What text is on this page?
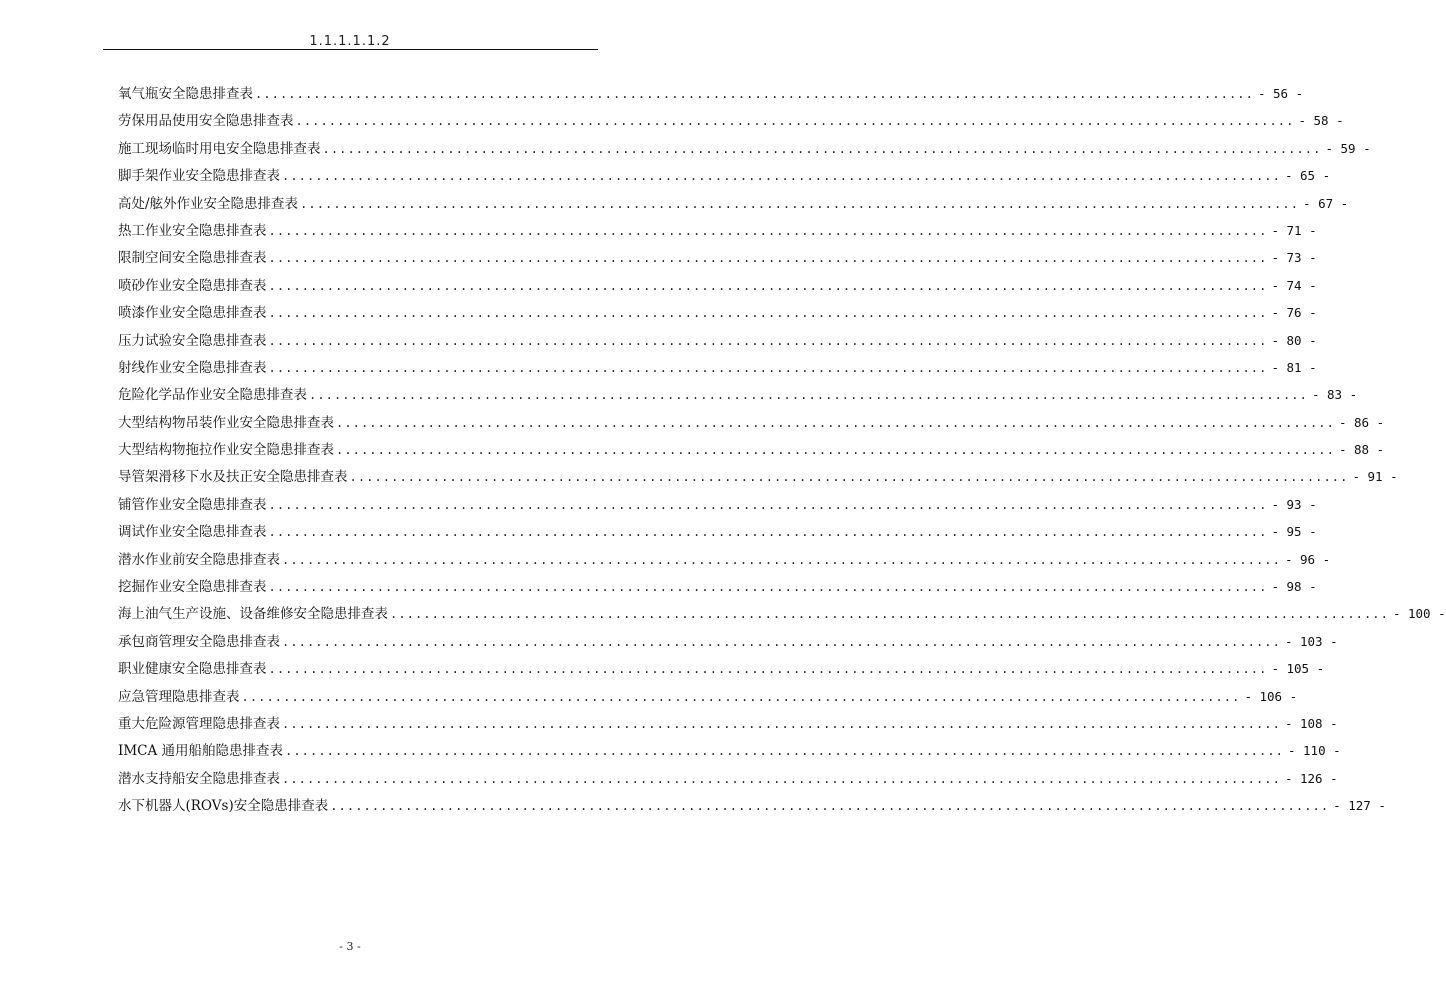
1.1.1.1.1.2
氧气瓶安全隐患排查表 ........................................................................................................................ - 56 -
劳保用品使用安全隐患排查表 ........................................................................................................................ - 58 -
施工现场临时用电安全隐患排查表 ........................................................................................................................ - 59 -
脚手架作业安全隐患排查表 ........................................................................................................................ - 65 -
高处/舷外作业安全隐患排查表 ........................................................................................................................ - 67 -
热工作业安全隐患排查表 ........................................................................................................................ - 71 -
限制空间安全隐患排查表 ........................................................................................................................ - 73 -
喷砂作业安全隐患排查表 ........................................................................................................................ - 74 -
喷漆作业安全隐患排查表 ........................................................................................................................ - 76 -
压力试验安全隐患排查表 ........................................................................................................................ - 80 -
射线作业安全隐患排查表 ........................................................................................................................ - 81 -
危险化学品作业安全隐患排查表 ........................................................................................................................ - 83 -
大型结构物吊装作业安全隐患排查表 ........................................................................................................................ - 86 -
大型结构物拖拉作业安全隐患排查表 ........................................................................................................................ - 88 -
导管架滑移下水及扶正安全隐患排查表 ........................................................................................................................ - 91 -
铺管作业安全隐患排查表 ........................................................................................................................ - 93 -
调试作业安全隐患排查表 ........................................................................................................................ - 95 -
潜水作业前安全隐患排查表 ........................................................................................................................ - 96 -
挖掘作业安全隐患排查表 ........................................................................................................................ - 98 -
海上油气生产设施、设备维修安全隐患排查表 ........................................................................................................................ - 100 -
承包商管理安全隐患排查表 ........................................................................................................................ - 103 -
职业健康安全隐患排查表 ........................................................................................................................ - 105 -
应急管理隐患排查表 ........................................................................................................................ - 106 -
重大危险源管理隐患排查表 ........................................................................................................................ - 108 -
IMCA 通用船舶隐患排查表 ........................................................................................................................ - 110 -
潜水支持船安全隐患排查表 ........................................................................................................................ - 126 -
水下机器人(ROVs)安全隐患排查表 ........................................................................................................................ - 127 -
- 3 -
